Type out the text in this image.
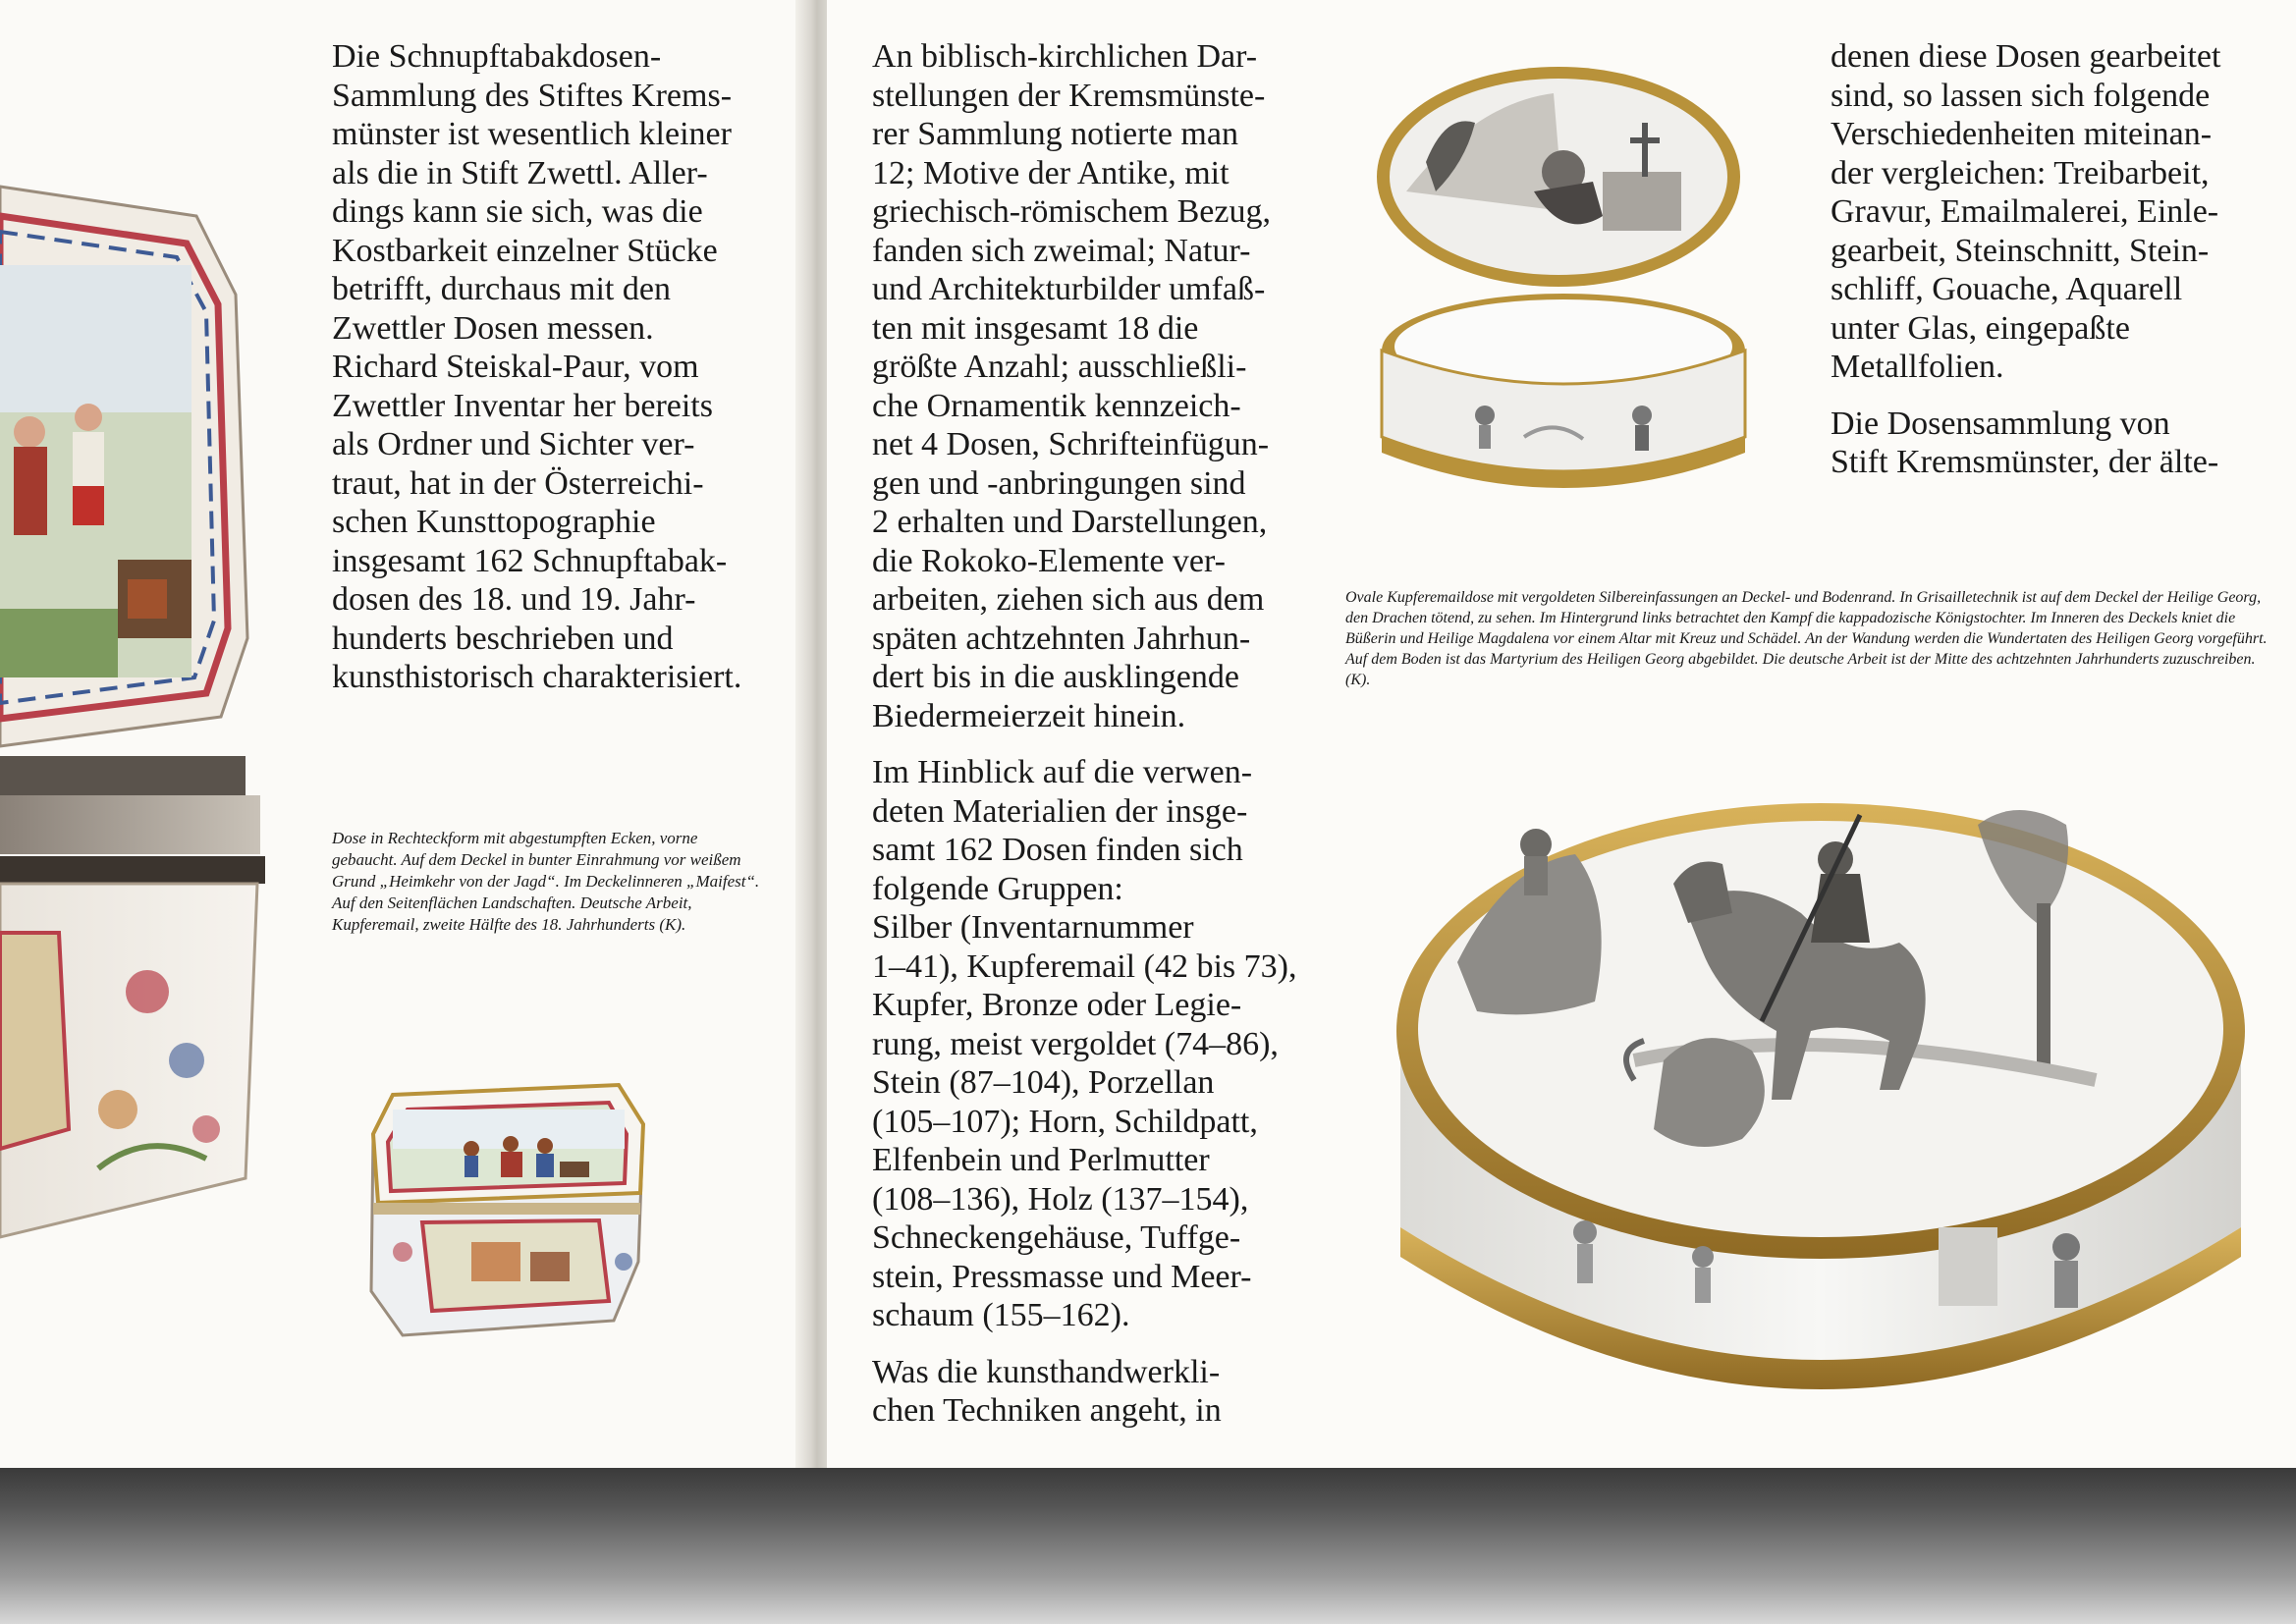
Die Schnupftabakdosen-
Sammlung des Stiftes Krems-
münster ist wesentlich kleiner
als die in Stift Zwettl. Aller-
dings kann sie sich, was die
Kostbarkeit einzelner Stücke
betrifft, durchaus mit den
Zwettler Dosen messen.
Richard Steiskal-Paur, vom
Zwettler Inventar her bereits
als Ordner und Sichter ver-
traut, hat in der Österreichi-
schen Kunsttopographie
insgesamt 162 Schnupftabak-
dosen des 18. und 19. Jahr-
hunderts beschrieben und
kunsthistorisch charakterisiert.

Dose in Rechteckform mit abgestumpften Ecken, vorne gebaucht. Auf dem Deckel in bunter Einrahmung vor weißem Grund „Heimkehr von der Jagd“. Im Deckelinneren „Maifest“. Auf den Seitenflächen Landschaften. Deutsche Arbeit, Kupferemail, zweite Hälfte des 18. Jahrhunderts (K).

An biblisch-kirchlichen Dar-
stellungen der Kremsmünste-
rer Sammlung notierte man
12; Motive der Antike, mit
griechisch-römischem Bezug,
fanden sich zweimal; Natur-
und Architekturbilder umfaß-
ten mit insgesamt 18 die
größte Anzahl; ausschließli-
che Ornamentik kennzeich-
net 4 Dosen, Schrifteinfügun-
gen und -anbringungen sind
2 erhalten und Darstellungen,
die Rokoko-Elemente ver-
arbeiten, ziehen sich aus dem
späten achtzehnten Jahrhun-
dert bis in die ausklingende
Biedermeierzeit hinein.

Im Hinblick auf die verwen-
deten Materialien der insge-
samt 162 Dosen finden sich
folgende Gruppen:
Silber (Inventarnummer
1–41), Kupferemail (42 bis 73),
Kupfer, Bronze oder Legie-
rung, meist vergoldet (74–86),
Stein (87–104), Porzellan
(105–107); Horn, Schildpatt,
Elfenbein und Perlmutter
(108–136), Holz (137–154),
Schneckengehäuse, Tuffge-
stein, Pressmasse und Meer-
schaum (155–162).

Was die kunsthandwerkli-
chen Techniken angeht, in

denen diese Dosen gearbeitet
sind, so lassen sich folgende
Verschiedenheiten miteinan-
der vergleichen: Treibarbeit,
Gravur, Emailmalerei, Einle-
gearbeit, Steinschnitt, Stein-
schliff, Gouache, Aquarell
unter Glas, eingepaßte
Metallfolien.

Die Dosensammlung von
Stift Kremsmünster, der älte-

Ovale Kupferemaildose mit vergoldeten Silbereinfassungen an Deckel- und Bodenrand. In Grisailletechnik ist auf dem Deckel der Heilige Georg, den Drachen tötend, zu sehen. Im Hintergrund links betrachtet den Kampf die kappadozische Königstochter. Im Inneren des Deckels kniet die Büßerin und Heilige Magdalena vor einem Altar mit Kreuz und Schädel. An der Wandung werden die Wundertaten des Heiligen Georg vorgeführt. Auf dem Boden ist das Martyrium des Heiligen Georg abgebildet. Die deutsche Arbeit ist der Mitte des achtzehnten Jahrhunderts zuzuschreiben. (K).
